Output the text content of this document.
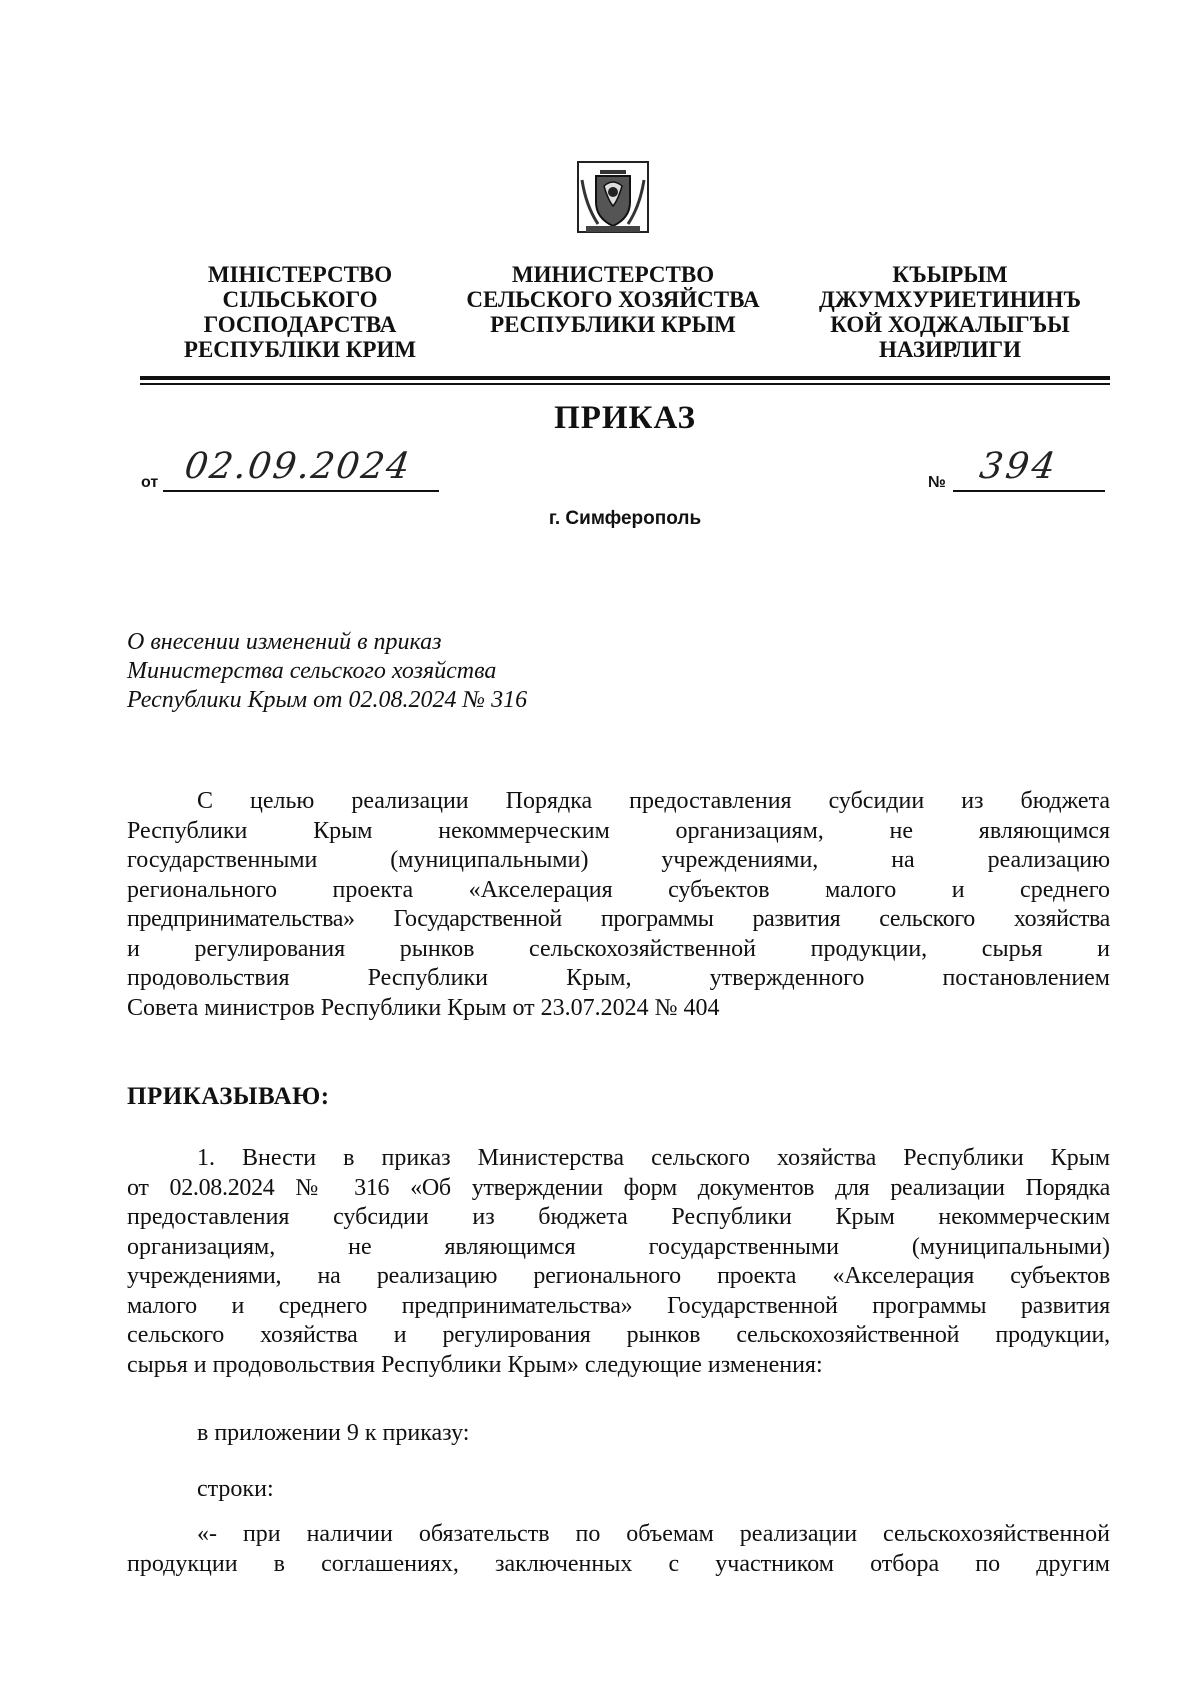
МІНІСТЕРСТВО
СІЛЬСЬКОГО
ГОСПОДАРСТВА
РЕСПУБЛІКИ КРИМ
МИНИСТЕРСТВО
СЕЛЬСКОГО ХОЗЯЙСТВА
РЕСПУБЛИКИ КРЫМ
КЪЫРЫМ
ДЖУМХУРИЕТИНИНЪ
КОЙ ХОДЖАЛЫГЪЫ
НАЗИРЛИГИ
ПРИКАЗ
от 02.09.2024	№ 394
г. Симферополь
О внесении изменений в приказ
Министерства сельского хозяйства
Республики Крым от 02.08.2024 № 316
С целью реализации Порядка предоставления субсидии из бюджета
Республики Крым некоммерческим организациям, не являющимся
государственными (муниципальными) учреждениями, на реализацию
регионального проекта «Акселерация субъектов малого и среднего
предпринимательства» Государственной программы развития сельского хозяйства
и регулирования рынков сельскохозяйственной продукции, сырья и
продовольствия Республики Крым, утвержденного постановлением
Совета министров Республики Крым от 23.07.2024 № 404
ПРИКАЗЫВАЮ:
1. Внести в приказ Министерства сельского хозяйства Республики Крым
от 02.08.2024 № 316 «Об утверждении форм документов для реализации Порядка
предоставления субсидии из бюджета Республики Крым некоммерческим
организациям, не являющимся государственными (муниципальными)
учреждениями, на реализацию регионального проекта «Акселерация субъектов
малого и среднего предпринимательства» Государственной программы развития
сельского хозяйства и регулирования рынков сельскохозяйственной продукции,
сырья и продовольствия Республики Крым» следующие изменения:
в приложении 9 к приказу:
строки:
«- при наличии обязательств по объемам реализации сельскохозяйственной
продукции в соглашениях, заключенных с участником отбора по другим
